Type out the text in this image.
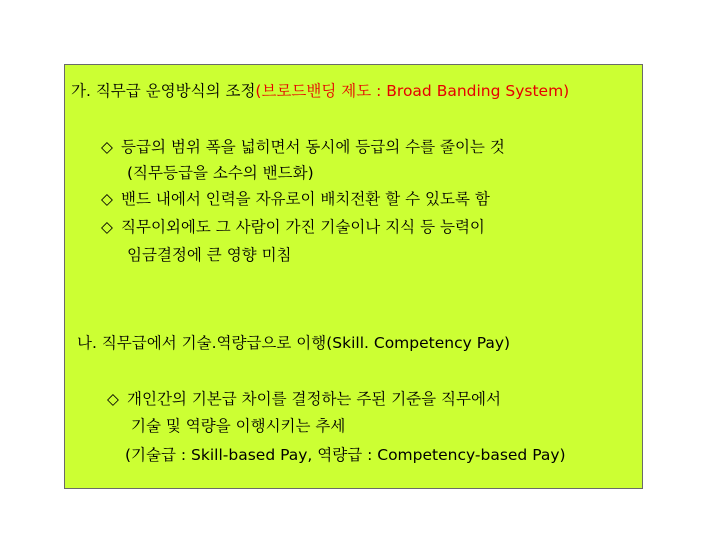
가. 직무급 운영방식의 조정(브로드밴딩 제도 : Broad Banding System)
◇ 등급의 범위 폭을 넓히면서 동시에 등급의 수를 줄이는 것
(직무등급을 소수의 밴드화)
◇ 밴드 내에서 인력을 자유로이 배치전환 할 수 있도록 함
◇ 직무이외에도 그 사람이 가진 기술이나 지식 등 능력이
임금결정에 큰 영향 미침
나. 직무급에서 기술.역량급으로 이행(Skill. Competency Pay)
◇ 개인간의 기본급 차이를 결정하는 주된 기준을 직무에서
기술 및 역량을 이행시키는 추세
(기술급 : Skill-based Pay, 역량급 : Competency-based Pay)
